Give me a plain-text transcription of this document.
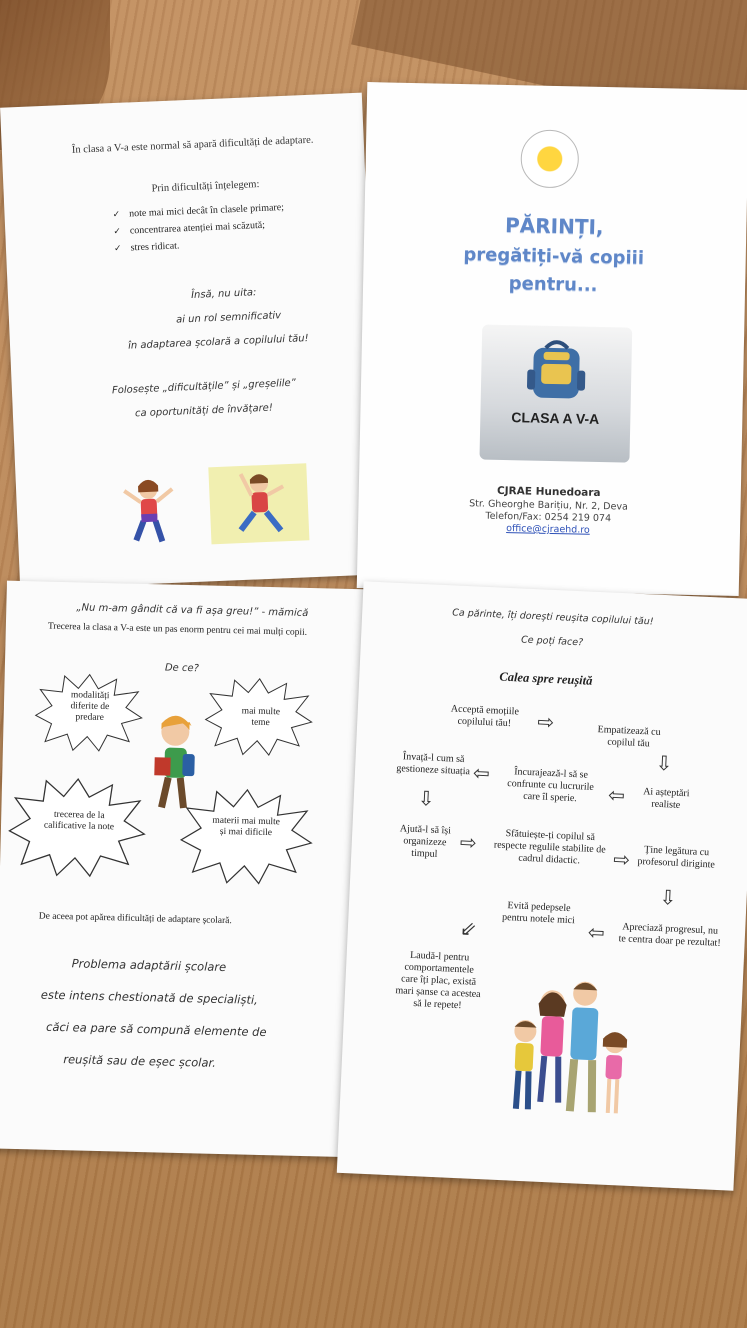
În clasa a V-a este normal să apară dificultăți de adaptare.
Prin dificultăți înțelegem:
✓ note mai mici decât în clasele primare;
✓ concentrarea atenției mai scăzută;
✓ stres ridicat.
Însă, nu uita:
ai un rol semnificativ
în adaptarea școlară a copilului tău!
Folosește „dificultățile” și „greșelile”
ca oportunități de învățare!
PĂRINȚI,
pregătiți-vă copiii
pentru...
CLASA A V-A
CJRAE Hunedoara
Str. Gheorghe Barițiu, Nr. 2, Deva
Telefon/Fax: 0254 219 074
office@cjraehd.ro
„Nu m-am gândit că va fi așa greu!” - mămică
Trecerea la clasa a V-a este un pas enorm pentru cei mai mulți copii.
De ce?
modalități diferite de predare
mai multe teme
trecerea de la calificative la note	materii mai multe și mai dificile
De aceea pot apărea dificultăți de adaptare școlară.
Problema adaptării școlare
este intens chestionată de specialiști,
căci ea pare să compună elemente de
reușită sau de eșec școlar.
Ca părinte, îți dorești reușita copilului tău!
Ce poți face?
Calea spre reușită
Acceptă emoțiile copilului tău!	⇨	Empatizează cu copilul tău
⇩
Ai așteptări realiste
⇦
Încurajează-l să se confrunte cu lucrurile care îl sperie.
⇦
Învață-l cum să gestioneze situația
⇩
Ajută-l să își organizeze timpul	⇨	Sfătuiește-ți copilul să respecte regulile stabilite de cadrul didactic.	⇨	Ține legătura cu profesorul diriginte
⇩
Apreciază progresul, nu te centra doar pe rezultat!
⇦
Evită pedepsele pentru notele mici
⇙
Laudă-l pentru comportamentele care îți plac, există mari șanse ca acestea să le repete!
